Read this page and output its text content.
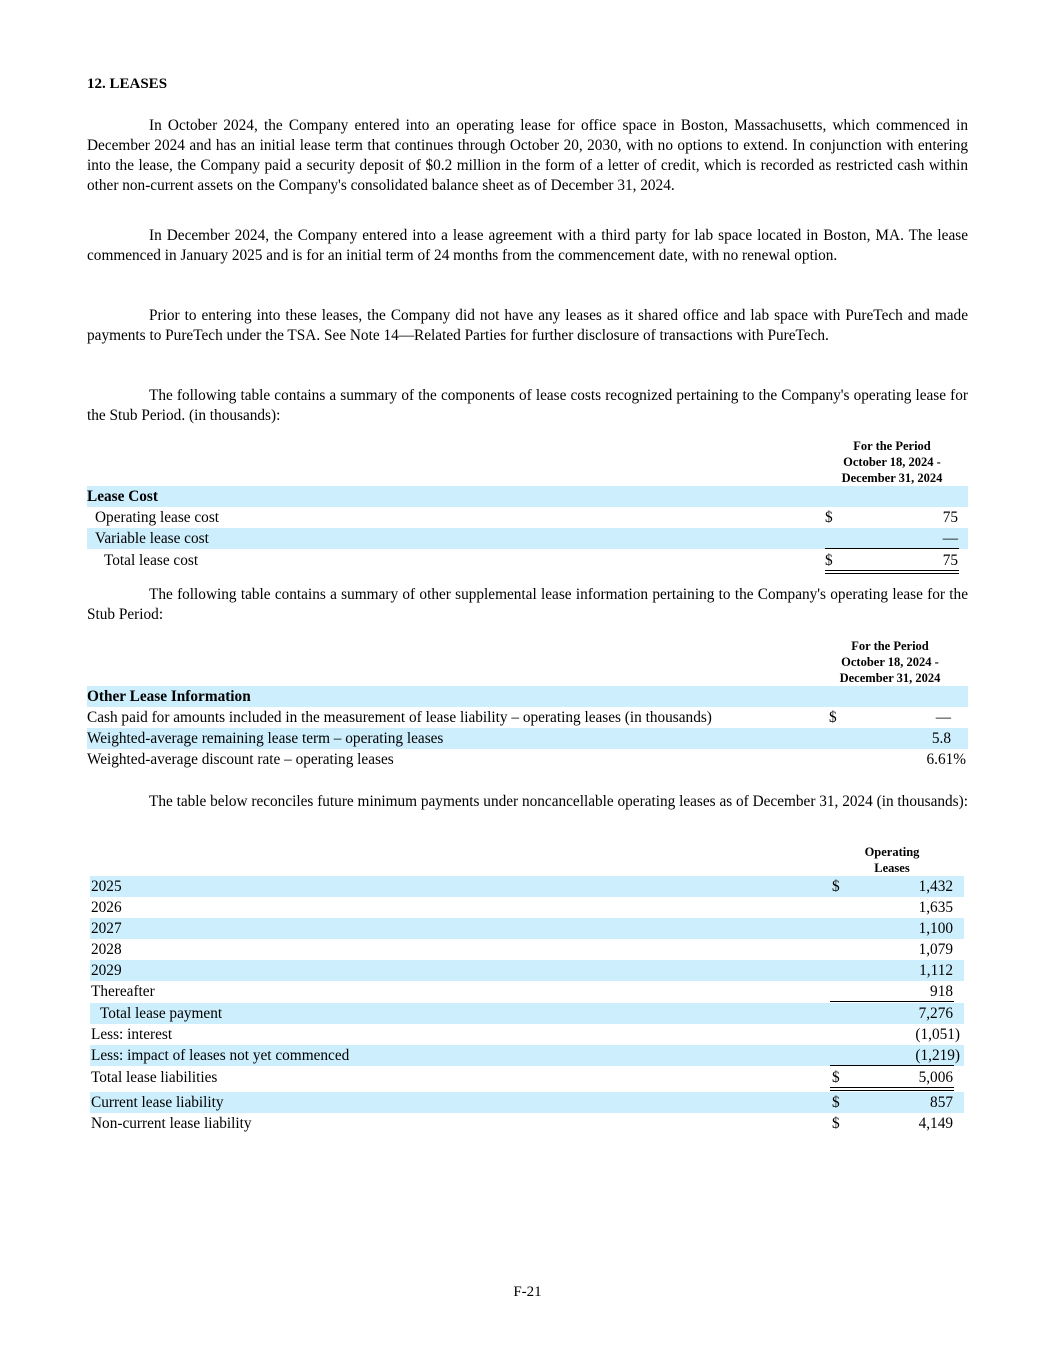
12. LEASES

In October 2024, the Company entered into an operating lease for office space in Boston, Massachusetts, which commenced in December 2024 and has an initial lease term that continues through October 20, 2030, with no options to extend. In conjunction with entering into the lease, the Company paid a security deposit of $0.2 million in the form of a letter of credit, which is recorded as restricted cash within other non-current assets on the Company's consolidated balance sheet as of December 31, 2024.

In December 2024, the Company entered into a lease agreement with a third party for lab space located in Boston, MA. The lease commenced in January 2025 and is for an initial term of 24 months from the commencement date, with no renewal option.

Prior to entering into these leases, the Company did not have any leases as it shared office and lab space with PureTech and made payments to PureTech under the TSA. See Note 14—Related Parties for further disclosure of transactions with PureTech.

The following table contains a summary of the components of lease costs recognized pertaining to the Company's operating lease for the Stub Period. (in thousands):

For the Period
October 18, 2024 -
December 31, 2024
Lease Cost
Operating lease cost	$	75
Variable lease cost	—
Total lease cost	$	75

The following table contains a summary of other supplemental lease information pertaining to the Company's operating lease for the Stub Period:

For the Period
October 18, 2024 -
December 31, 2024
Other Lease Information
Cash paid for amounts included in the measurement of lease liability – operating leases (in thousands)	$	—
Weighted-average remaining lease term – operating leases	5.8
Weighted-average discount rate – operating leases	6.61%

The table below reconciles future minimum payments under noncancellable operating leases as of December 31, 2024 (in thousands):

Operating
Leases
2025	$	1,432
2026	1,635
2027	1,100
2028	1,079
2029	1,112
Thereafter	918
Total lease payment	7,276
Less: interest	(1,051)
Less: impact of leases not yet commenced	(1,219)
Total lease liabilities	$	5,006
Current lease liability	$	857
Non-current lease liability	$	4,149
F-21
